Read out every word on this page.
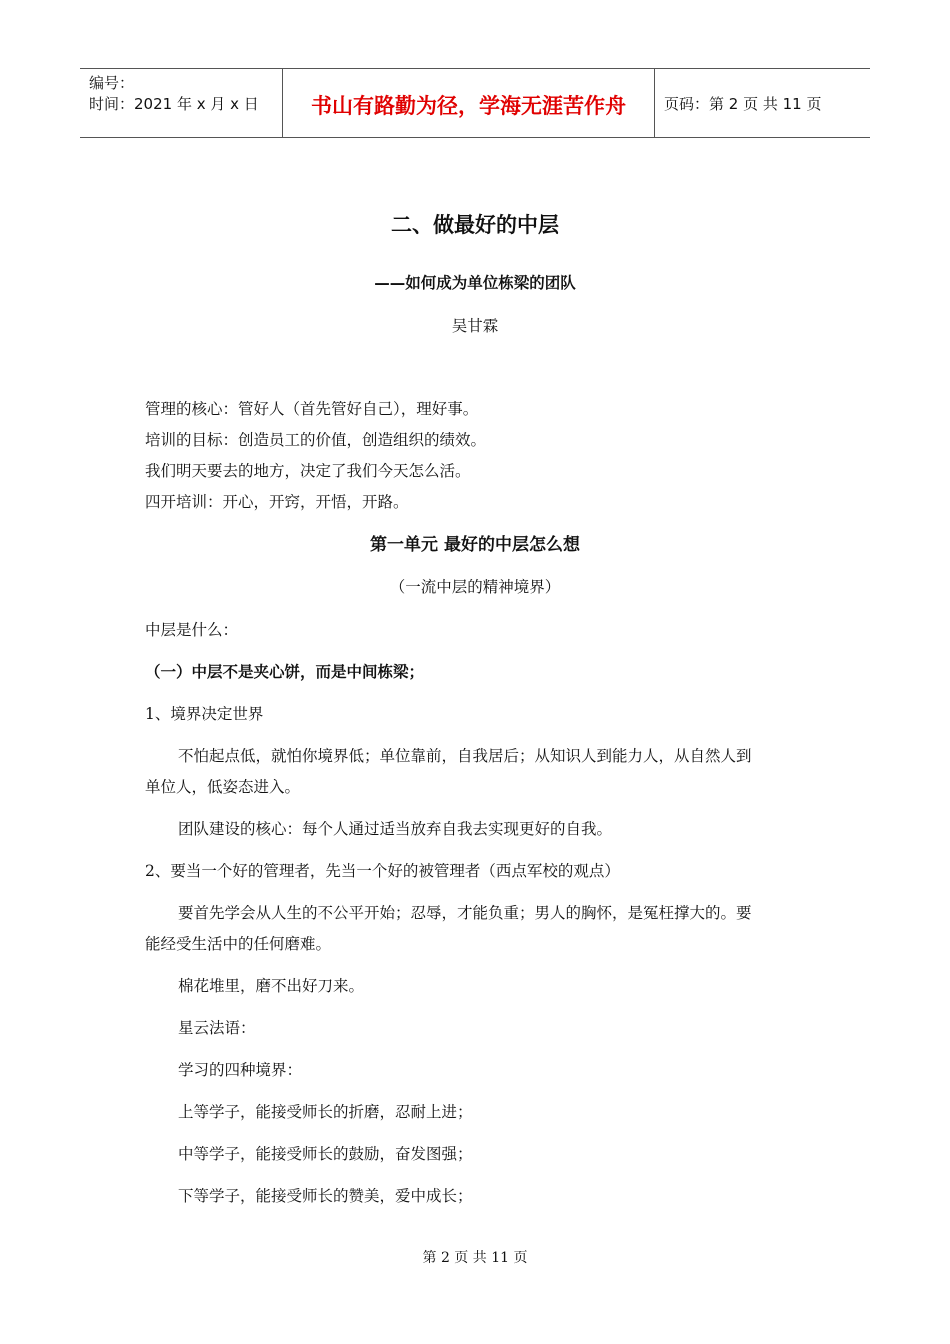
编号：
时间：2021 年 x 月 x 日	书山有路勤为径，学海无涯苦作舟	页码：第 2 页 共 11 页
二、做最好的中层
——如何成为单位栋梁的团队
吴甘霖
管理的核心：管好人（首先管好自己），理好事。
培训的目标：创造员工的价值，创造组织的绩效。
我们明天要去的地方，决定了我们今天怎么活。
四开培训：开心，开窍，开悟，开路。
第一单元 最好的中层怎么想
（一流中层的精神境界）
中层是什么：
（一）中层不是夹心饼，而是中间栋梁；
1、境界决定世界
不怕起点低，就怕你境界低；单位靠前，自我居后；从知识人到能力人，从自然人到
单位人，低姿态进入。
团队建设的核心：每个人通过适当放弃自我去实现更好的自我。
2、要当一个好的管理者，先当一个好的被管理者（西点军校的观点）
要首先学会从人生的不公平开始；忍辱，才能负重；男人的胸怀，是冤枉撑大的。要
能经受生活中的任何磨难。
棉花堆里，磨不出好刀来。
星云法语：
学习的四种境界：
上等学子，能接受师长的折磨，忍耐上进；
中等学子，能接受师长的鼓励，奋发图强；
下等学子，能接受师长的赞美，爱中成长；
第 2 页 共 11 页
